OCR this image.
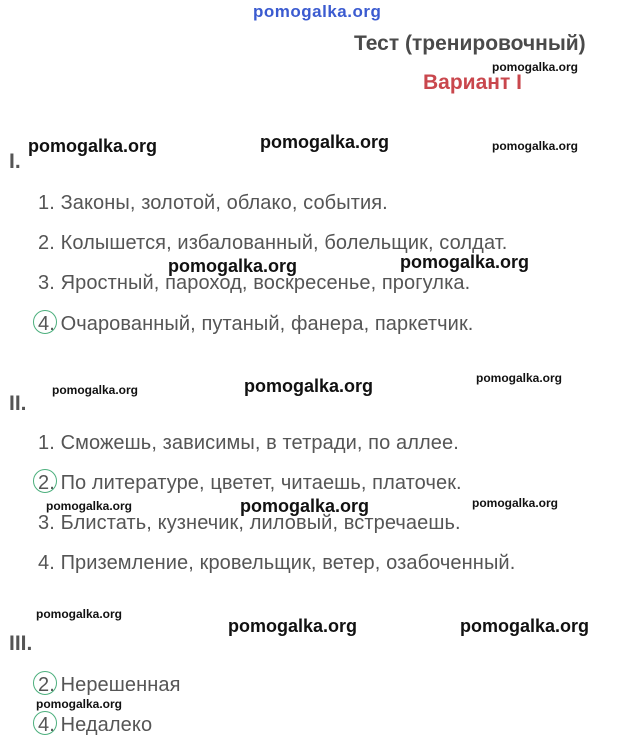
pomogalka.org
Тест (тренировочный)
Вариант I
I.
1. Законы, золотой, облако, события.
2. Колышется, избалованный, болельщик, солдат.
3. Яростный, пароход, воскресенье, прогулка.
4. Очарованный, путаный, фанера, паркетчик.
II.
1. Сможешь, зависимы, в тетради, по аллее.
2. По литературе, цветет, читаешь, платочек.
3. Блистать, кузнечик, лиловый, встречаешь.
4. Приземление, кровельщик, ветер, озабоченный.
III.
2. Нерешенная
4. Недалеко
pomogalka.org
pomogalka.org	pomogalka.org	pomogalka.org
pomogalka.org	pomogalka.org
pomogalka.org	pomogalka.org	pomogalka.org
pomogalka.org	pomogalka.org	pomogalka.org
pomogalka.org
pomogalka.org	pomogalka.org
pomogalka.org
